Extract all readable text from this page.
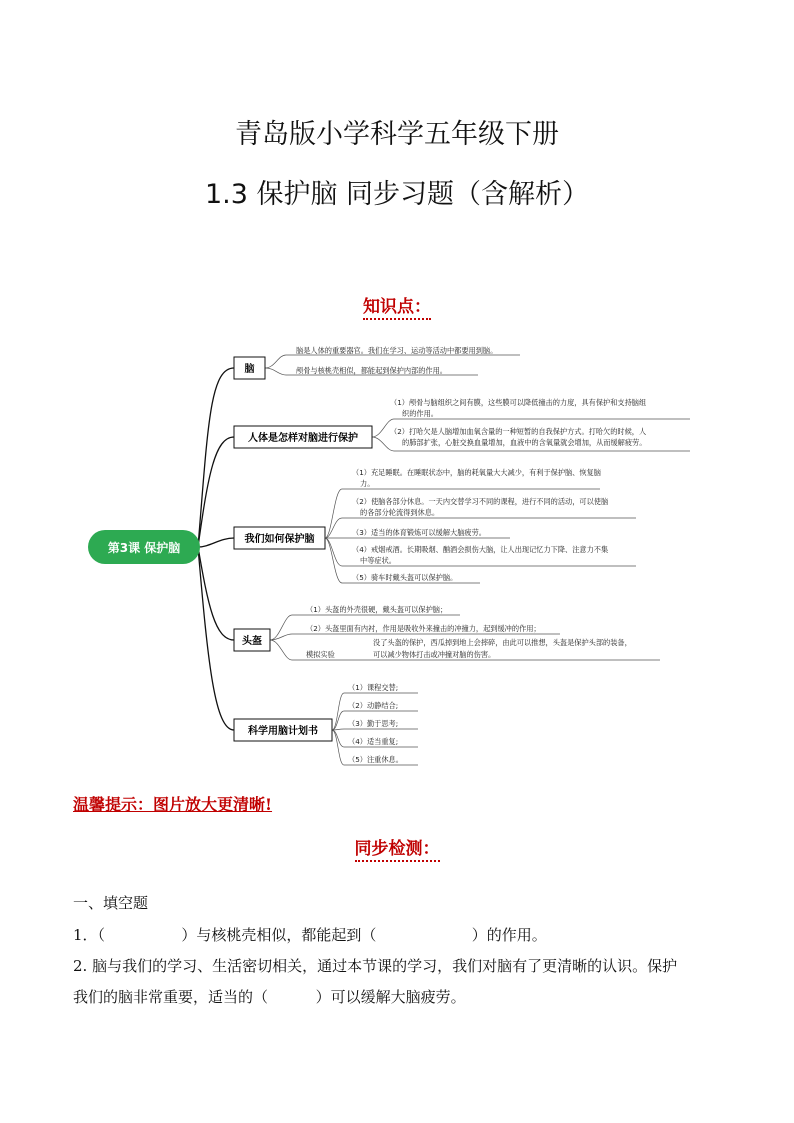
青岛版小学科学五年级下册
1.3 保护脑 同步习题（含解析）
知识点：
第3课 保护脑
脑
人体是怎样对脑进行保护
我们如何保护脑
头盔
科学用脑计划书
脑是人体的重要器官。我们在学习、运动等活动中都要用到脑。
颅骨与核桃壳相似，都能起到保护内部的作用。
（1）颅骨与脑组织之间有膜，这些膜可以降低撞击的力度，具有保护和支持脑组
织的作用。
（2）打哈欠是人脑增加血氧含量的一种短暂的自我保护方式。打哈欠的时候，人
的肺部扩张，心脏交换血量增加，血液中的含氧量就会增加，从而缓解疲劳。
（1）充足睡眠。在睡眠状态中，脑的耗氧量大大减少，有利于保护脑、恢复脑
力。
（2）使脑各部分休息。一天内交替学习不同的课程，进行不同的活动，可以使脑
的各部分轮流得到休息。
（3）适当的体育锻炼可以缓解大脑疲劳。
（4）戒烟戒酒。长期吸烟、酗酒会损伤大脑，让人出现记忆力下降、注意力不集
中等症状。
（5）骑车时戴头盔可以保护脑。
（1）头盔的外壳很硬，戴头盔可以保护脑；
（2）头盔里面有内衬，作用是吸收外来撞击的冲撞力，起到缓冲的作用；
模拟实验
没了头盔的保护，西瓜掉到地上会摔碎，由此可以推想，头盔是保护头部的装备，
可以减少物体打击或冲撞对脑的伤害。
（1）课程交替;
（2）动静结合;
（3）勤于思考;
（4）适当重复;
（5）注重休息。
温馨提示：图片放大更清晰!
同步检测：
一、填空题
1．（                ）与核桃壳相似，都能起到（                    ）的作用。
2. 脑与我们的学习、生活密切相关，通过本节课的学习，我们对脑有了更清晰的认识。保护
我们的脑非常重要，适当的（          ）可以缓解大脑疲劳。
